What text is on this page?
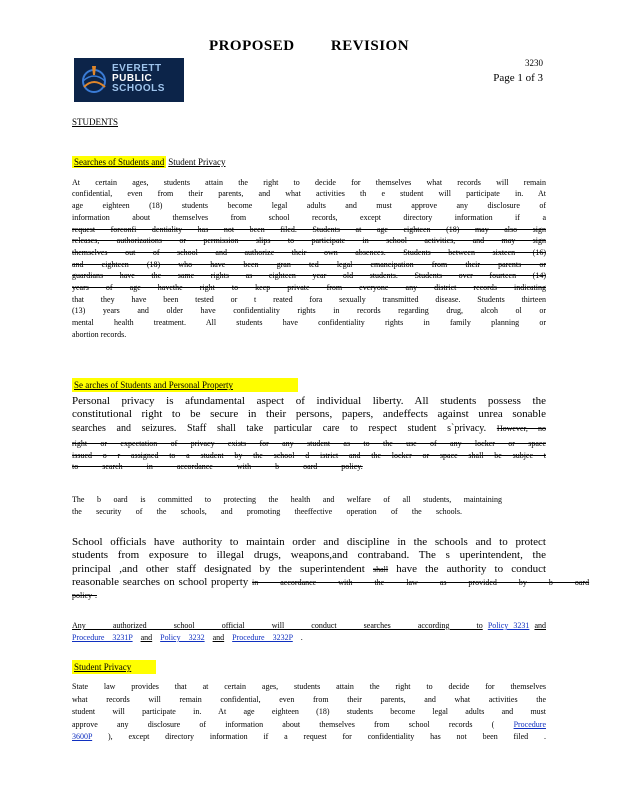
PROPOSED REVISION
EVERETT
PUBLIC
SCHOOLS
3230
Page 1 of 3
STUDENTS
Searches of Students and Student Privacy
At certain ages, students attain the right to decide for themselves what records will remain
confidential, even from their parents, and what activities th e student will participate in. At
age eighteen (18) students become legal adults and must approve any disclosure of
information about themselves from school records, except directory information if a
request forconfi dentiality has not been filed. Students at age eighteen (18) may also sign
releases, authorizations or permission slips to participate in school activities, and may sign
themselves out of school and authorize their own absences. Students between sixteen (16)
and eighteen (18) who have been gran ted legal emancipation from their parents or
guardians have the same rights as eighteen year old students. Students over fourteen (14)
years of age havethe right to keep private from everyone any district records indicating
that they have been tested or t reated fora sexually transmitted disease. Students thirteen
(13) years and older have confidentiality rights in records regarding drug, alcoh ol or
mental health treatment. All students have confidentiality rights in family planning or
abortion records.
Se arches of Students and Personal Property
Personal privacy is afundamental aspect of individual liberty. All students possess the
constitutional right to be secure in their persons, papers, andeffects against unrea sonable
searches and seizures. Staff shall take particular care to respect student s`privacy. However, no
right or expectation of privacy exists for any student as to the use of any locker or space
issued o r assigned to a student by the school d istrict and the locker or space shall be subjec t
to search in accordance with b oard policy.
The b oard is committed to protecting the health and welfare of all students, maintaining
the security of the schools, and promoting theeffective operation of the schools.
School officials have authority to maintain order and discipline in the schools and to protect
students from exposure to illegal drugs, weapons,and contraband. The s uperintendent, the
principal ,and other staff designated by the superintendent shall have the authority to conduct
reasonable searches on school property in accordance with the law as provided by b oard
policy .
Any authorized school official will conduct searches according to Policy 3231 and
Procedure 3231P and Policy 3232 and Procedure 3232P .
Student Privacy
State law provides that at certain ages, students attain the right to decide for themselves
what records will remain confidential, even from their parents, and what activities the
student will participate in. At age eighteen (18) students become legal adults and must
approve any disclosure of information about themselves from school records ( Procedure
3600P ), except directory information if a request for confidentiality has not been filed .
